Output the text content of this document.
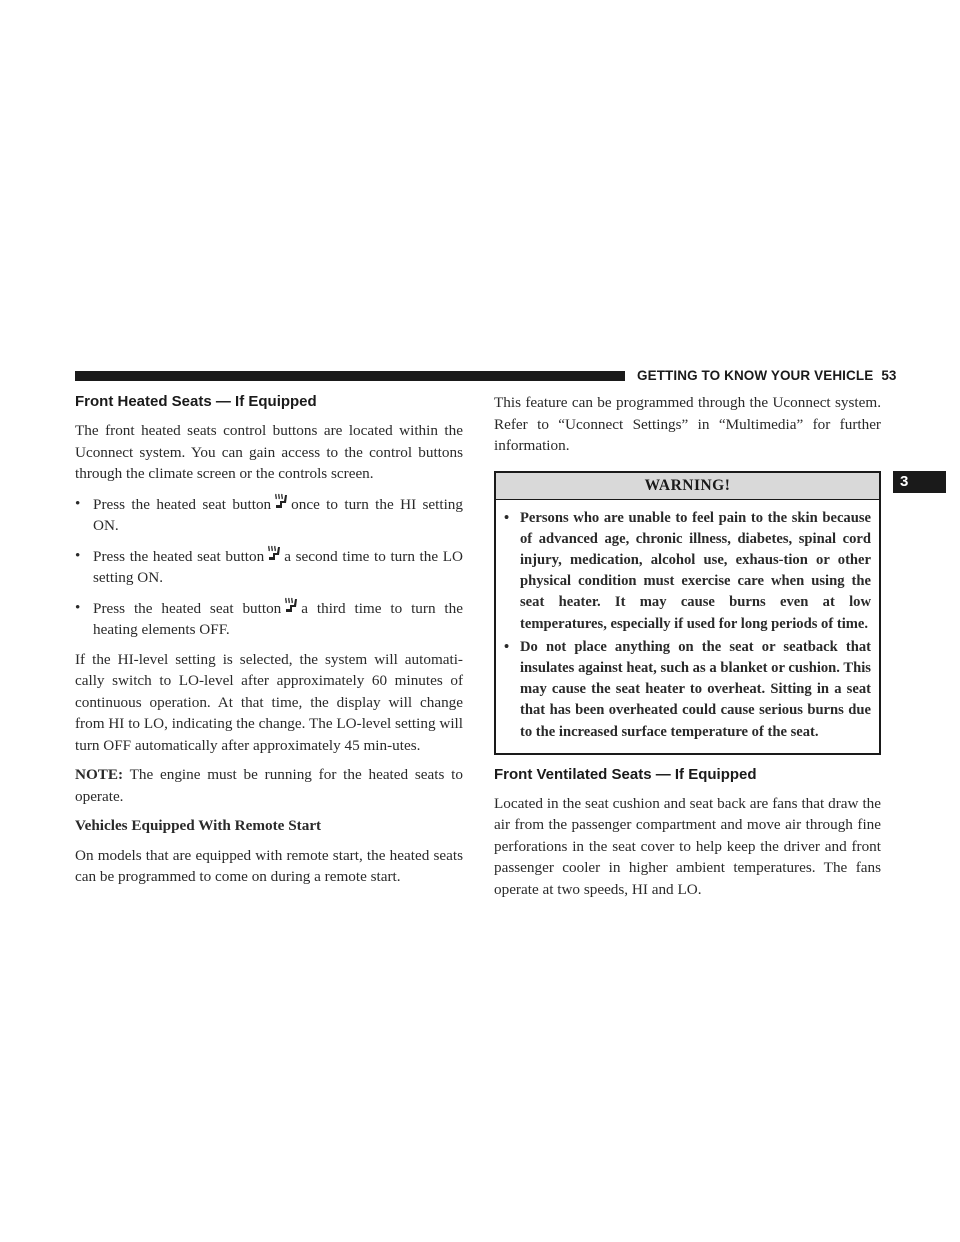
GETTING TO KNOW YOUR VEHICLE 53
3
Front Heated Seats — If Equipped

The front heated seats control buttons are located within the Uconnect system. You can gain access to the control buttons through the climate screen or the controls screen.

• Press the heated seat button once to turn the HI setting ON.
• Press the heated seat button a second time to turn the LO setting ON.
• Press the heated seat button a third time to turn the heating elements OFF.

If the HI-level setting is selected, the system will automati-cally switch to LO-level after approximately 60 minutes of continuous operation. At that time, the display will change from HI to LO, indicating the change. The LO-level setting will turn OFF automatically after approximately 45 min-utes.

NOTE: The engine must be running for the heated seats to operate.

Vehicles Equipped With Remote Start

On models that are equipped with remote start, the heated seats can be programmed to come on during a remote start.

This feature can be programmed through the Uconnect system. Refer to “Uconnect Settings” in “Multimedia” for further information.

WARNING!
• Persons who are unable to feel pain to the skin because of advanced age, chronic illness, diabetes, spinal cord injury, medication, alcohol use, exhaus-tion or other physical condition must exercise care when using the seat heater. It may cause burns even at low temperatures, especially if used for long periods of time.
• Do not place anything on the seat or seatback that insulates against heat, such as a blanket or cushion. This may cause the seat heater to overheat. Sitting in a seat that has been overheated could cause serious burns due to the increased surface temperature of the seat.
Front Ventilated Seats — If Equipped

Located in the seat cushion and seat back are fans that draw the air from the passenger compartment and move air through fine perforations in the seat cover to help keep the driver and front passenger cooler in higher ambient temperatures. The fans operate at two speeds, HI and LO.
